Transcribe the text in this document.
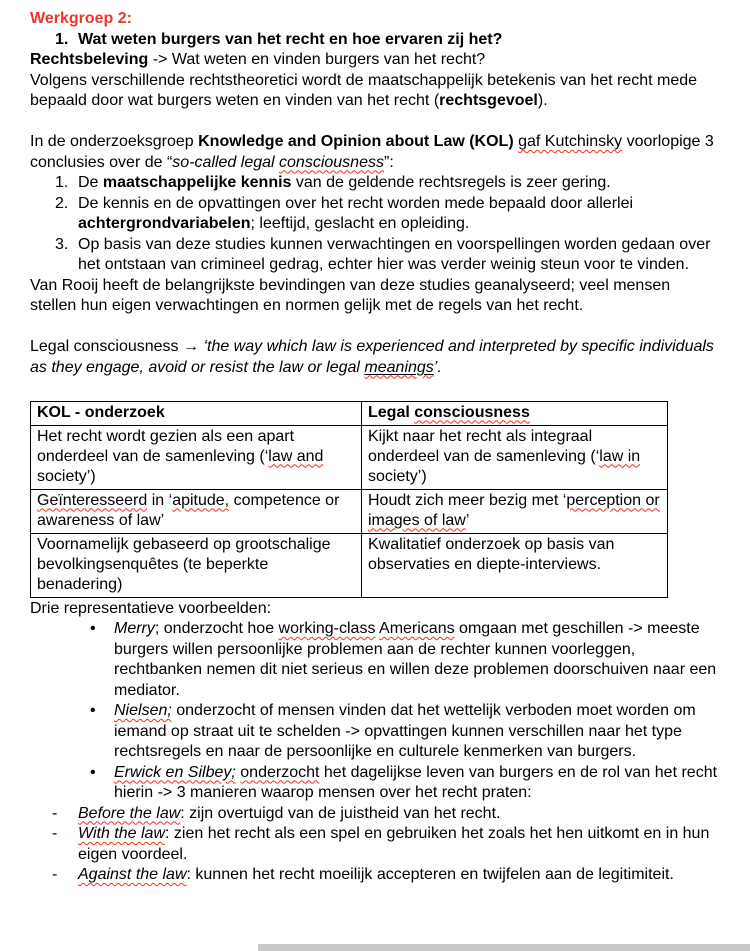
Werkgroep 2:
1. Wat weten burgers van het recht en hoe ervaren zij het?
Rechtsbeleving -> Wat weten en vinden burgers van het recht?
Volgens verschillende rechtstheoretici wordt de maatschappelijk betekenis van het recht mede bepaald door wat burgers weten en vinden van het recht (rechtsgevoel).
In de onderzoeksgroep Knowledge and Opinion about Law (KOL) gaf Kutchinsky voorlopige 3 conclusies over de “so-called legal consciousness”:
1. De maatschappelijke kennis van de geldende rechtsregels is zeer gering.
2. De kennis en de opvattingen over het recht worden mede bepaald door allerlei achtergrondvariabelen; leeftijd, geslacht en opleiding.
3. Op basis van deze studies kunnen verwachtingen en voorspellingen worden gedaan over het ontstaan van crimineel gedrag, echter hier was verder weinig steun voor te vinden.
Van Rooij heeft de belangrijkste bevindingen van deze studies geanalyseerd; veel mensen stellen hun eigen verwachtingen en normen gelijk met de regels van het recht.
Legal consciousness → ‘the way which law is experienced and interpreted by specific individuals as they engage, avoid or resist the law or legal meanings’.
KOL - onderzoek	Legal consciousness
Het recht wordt gezien als een apart onderdeel van de samenleving (‘law and society’)	Kijkt naar het recht als integraal onderdeel van de samenleving (‘law in society’)
Geïnteresseerd in ‘apitude, competence or awareness of law’	Houdt zich meer bezig met ‘perception or images of law’
Voornamelijk gebaseerd op grootschalige bevolkingsenquêtes (te beperkte benadering)	Kwalitatief onderzoek op basis van observaties en diepte-interviews.
Drie representatieve voorbeelden:
•	Merry; onderzocht hoe working-class Americans omgaan met geschillen -> meeste burgers willen persoonlijke problemen aan de rechter kunnen voorleggen, rechtbanken nemen dit niet serieus en willen deze problemen doorschuiven naar een mediator.
•	Nielsen; onderzocht of mensen vinden dat het wettelijk verboden moet worden om iemand op straat uit te schelden -> opvattingen kunnen verschillen naar het type rechtsregels en naar de persoonlijke en culturele kenmerken van burgers.
•	Erwick en Silbey; onderzocht het dagelijkse leven van burgers en de rol van het recht hierin -> 3 manieren waarop mensen over het recht praten:
-	Before the law: zijn overtuigd van de juistheid van het recht.
-	With the law: zien het recht als een spel en gebruiken het zoals het hen uitkomt en in hun eigen voordeel.
-	Against the law: kunnen het recht moeilijk accepteren en twijfelen aan de legitimiteit.
